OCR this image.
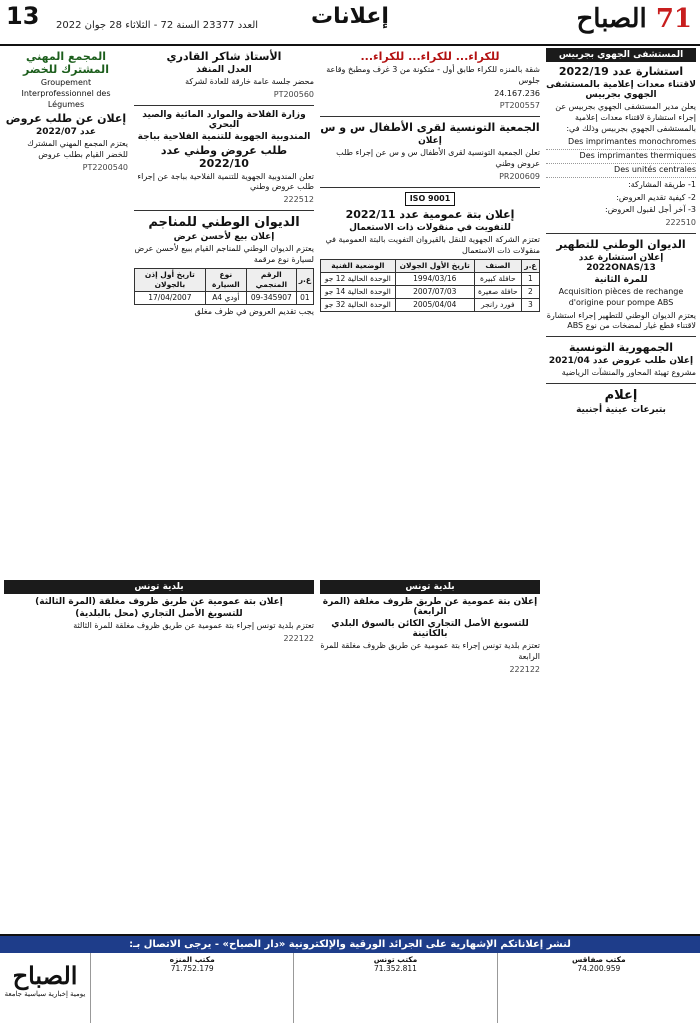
71 الصباح
إعلانات
العدد 23377 السنة 72 - الثلاثاء 28 جوان 2022
13
المستشفى الجهوي بجربيس
استشارة عدد 2022/19
لاقتناء معدات إعلامية بالمستشفى الجهوي بجربيس

يعلن مدير المستشفى الجهوي بجربيس عن إجراء استشارة لاقتناء معدات إعلامية بالمستشفى الجهوي بجربيس وذلك في:

Des imprimantes monochromes
Des imprimantes thermiques
Des unités centrales

1- طريقة المشاركة:

2- كيفية تقديم العروض:

3- آخر أجل لقبول العروض:

222510

الديوان الوطني للتطهير
إعلان استشارة عدد 2022ONAS/13
للمرة الثانية

Acquisition pièces de rechange d'origine pour pompe ABS

يعتزم الديوان الوطني للتطهير إجراء استشارة لاقتناء قطع غيار لمضخات من نوع ABS

الجمهورية التونسية
إعلان طلب عروض عدد 2021/04

مشروع تهيئة المحاور والمنشآت الرياضية

إعلام
بتبرعات عينية أجنبية
للكراء... للكراء... للكراء...

شقة بالمنزه للكراء طابق أول - متكونة من 3 غرف ومطبخ وقاعة جلوس

24.167.236

PT200557

الجمعية التونسية لقرى الأطفال س و س
إعلان

تعلن الجمعية التونسية لقرى الأطفال س و س عن إجراء طلب عروض وطني

PR200609

ISO 9001
إعلان بتة عمومية عدد 2022/11
للتفويت في منقولات ذات الاستعمال

تعتزم الشركة الجهوية للنقل بالقيروان التفويت بالبتة العمومية في منقولات ذات الاستعمال

ع.ر	الصنف	تاريخ الأول الجولان	الوضعية الفنية
1	حافلة كبيرة	1994/03/16	الوحدة الحالية 12 جو
2	حافلة صغيرة	2007/07/03	الوحدة الحالية 14 جو
3	فورد رانجر	2005/04/04	الوحدة الحالية 32 جو
الأستاذ شاكر القادري
العدل المنفذ

محضر جلسة عامة خارقة للعادة لشركة

PT200560

وزارة الفلاحة والموارد المائية والصيد البحري
المندوبية الجهوية للتنمية الفلاحية بباجة
طلب عروض وطني عدد 2022/10

تعلن المندوبية الجهوية للتنمية الفلاحية بباجة عن إجراء طلب عروض وطني

222512

الديوان الوطني للمناجم
إعلان بيع لأحسن عرض

يعتزم الديوان الوطني للمناجم القيام ببيع لأحسن عرض لسيارة نوع مرقمة

ع.ر	الرقم المنجمي	نوع السيارة	تاريخ أول إذن بالجولان
01	09-345907	أودي A4	17/04/2007

يجب تقديم العروض في ظرف مغلق

المجمع المهني المشترك للخضر

Groupement Interprofessionnel des Légumes

إعلان عن طلب عروض
عدد 2022/07

يعتزم المجمع المهني المشترك للخضر القيام بطلب عروض

PT2200540

بلدية تونس
إعلان بتة عمومية عن طريق ظروف مغلقة (المرة الرابعة)
للتسويغ الأصل التجاري الكائن بالسوق البلدي بالكاتينة

تعتزم بلدية تونس إجراء بتة عمومية عن طريق ظروف مغلقة للمرة الرابعة

222122

بلدية تونس
إعلان بتة عمومية عن طريق ظروف مغلقة (المرة الثالثة)
للتسويغ الأصل التجاري (محل بالبلدية)

تعتزم بلدية تونس إجراء بتة عمومية عن طريق ظروف مغلقة للمرة الثالثة

222122

لنشر إعلاناتكم الإشهارية على الجرائد الورقية والإلكترونية «دار الصباح» - يرجى الاتصال بـ:
الصباح
يومية إخبارية سياسية جامعة
مكتب المنزه
71.752.179
مكتب تونس
71.352.811
مكتب صفاقس
74.200.959
